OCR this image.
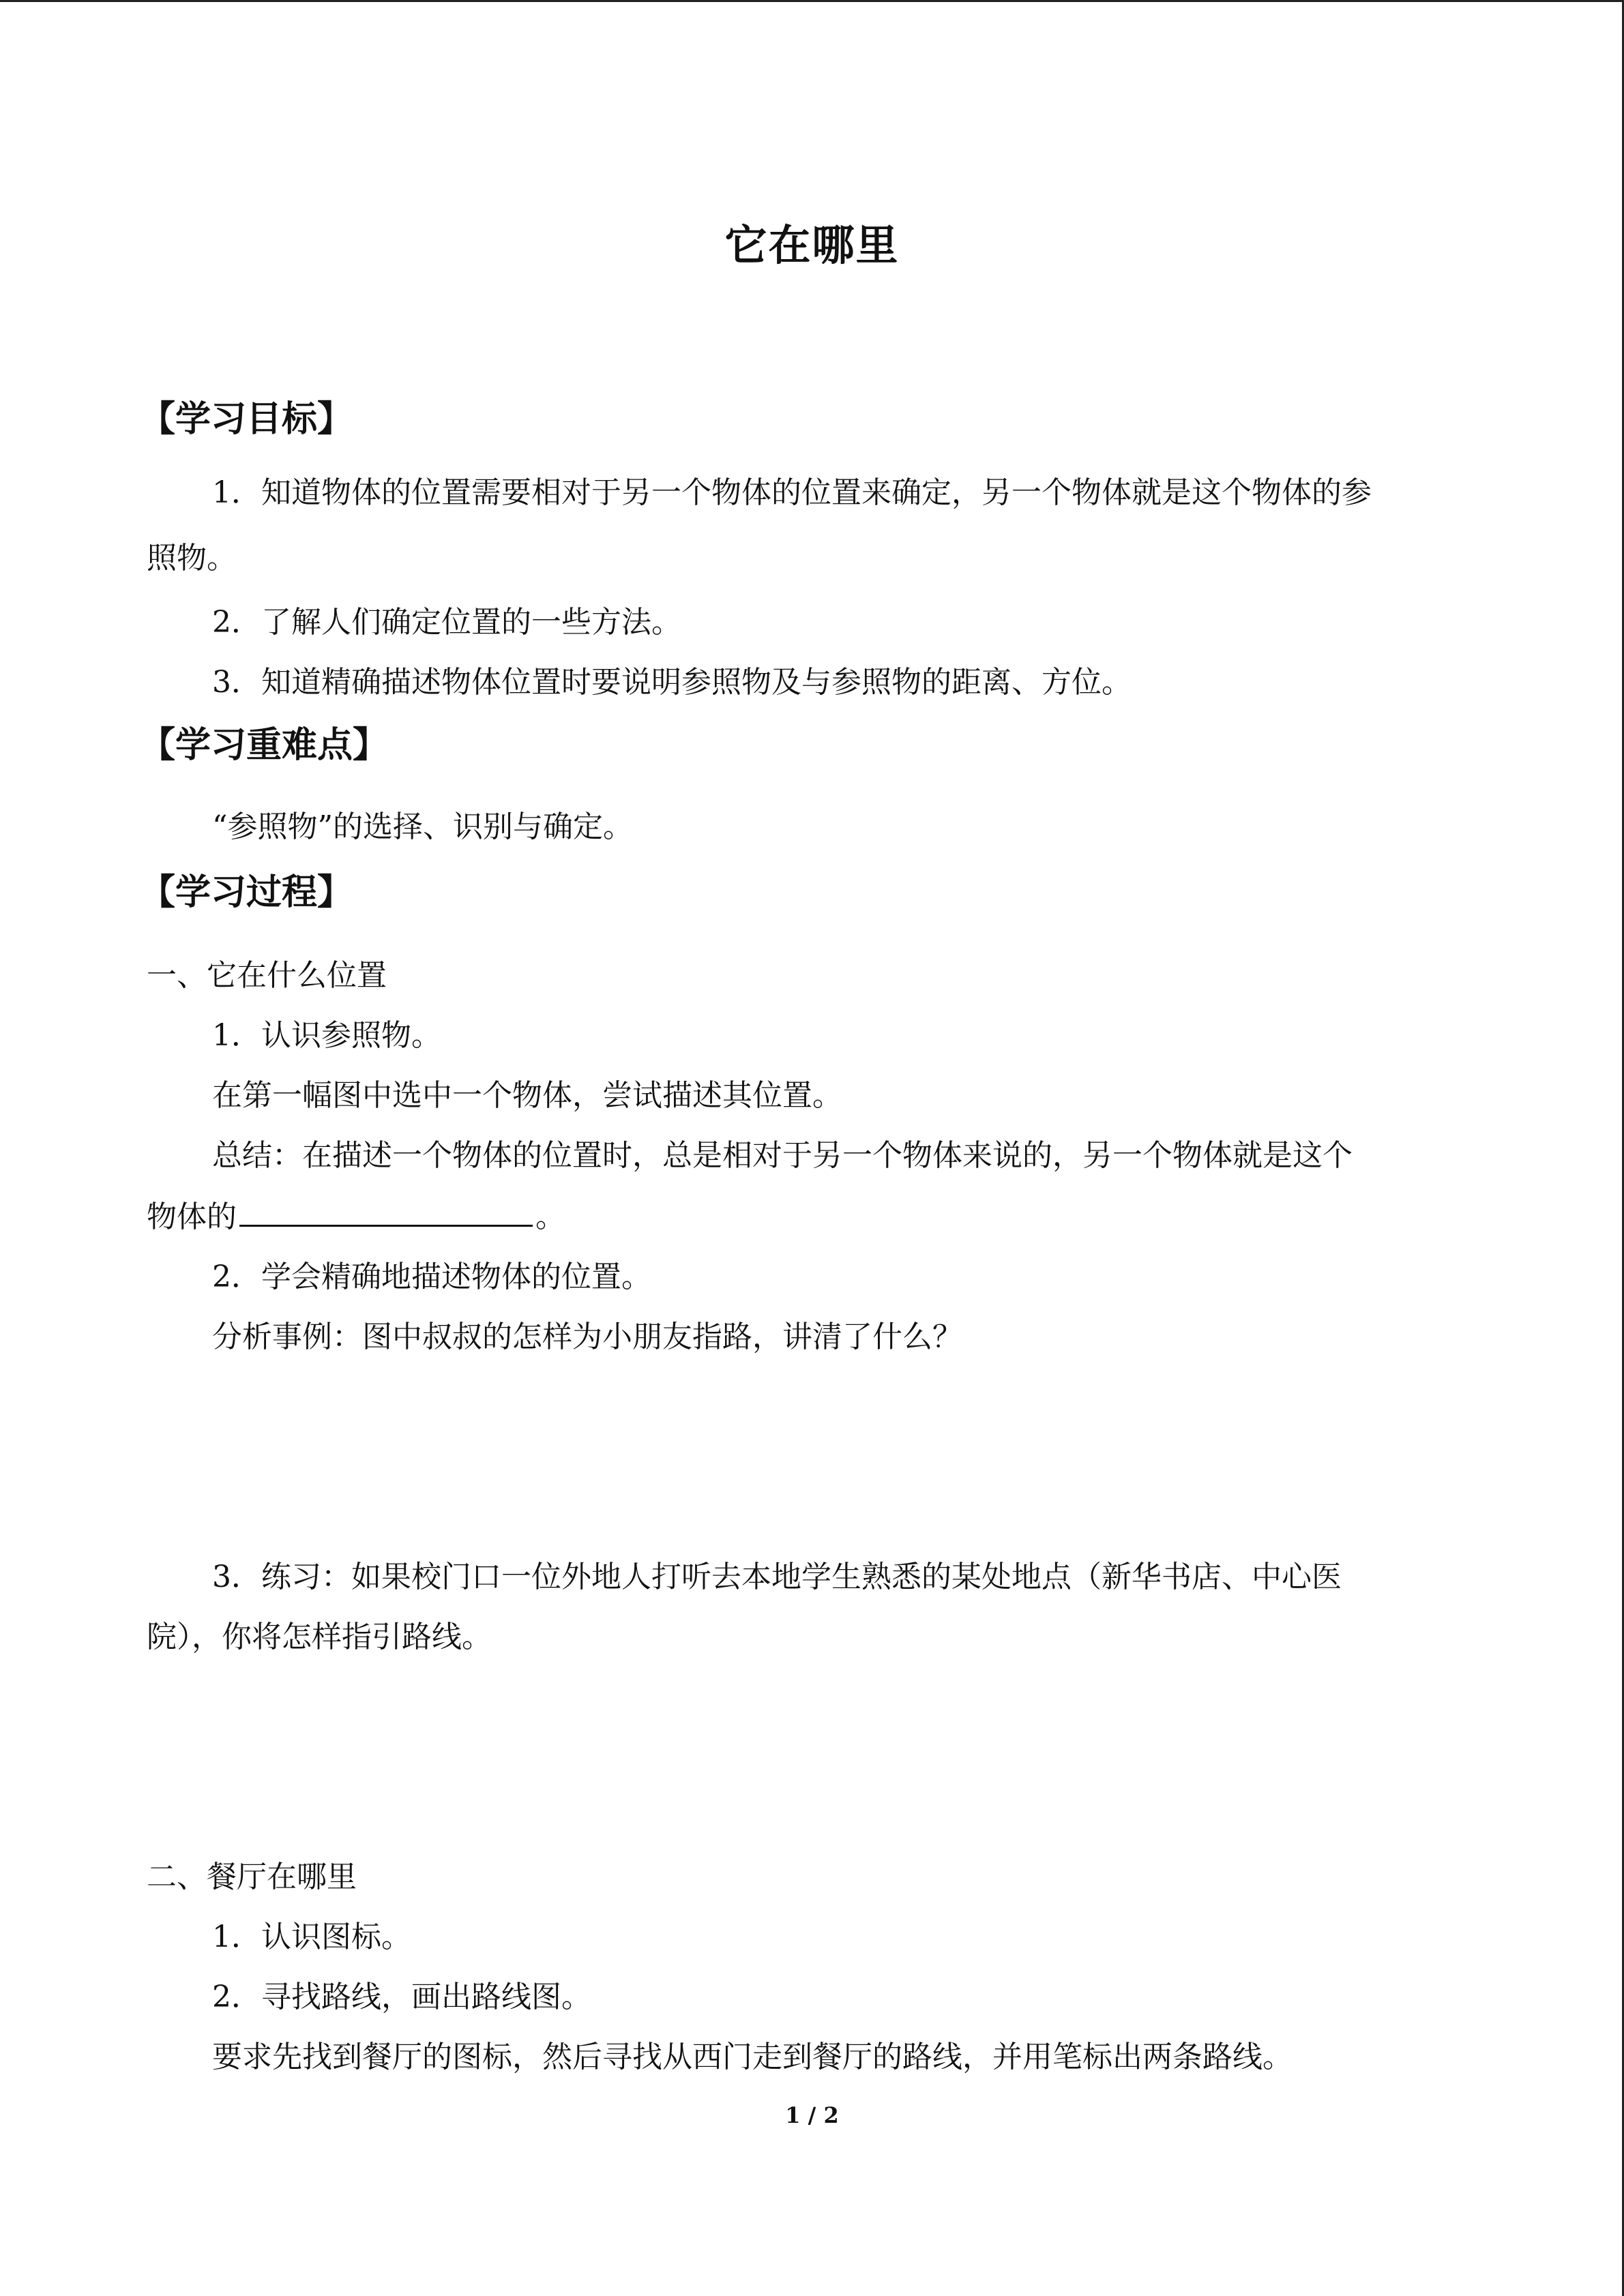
它在哪里
【学习目标】
1．知道物体的位置需要相对于另一个物体的位置来确定，另一个物体就是这个物体的参
照物。
2．了解人们确定位置的一些方法。
3．知道精确描述物体位置时要说明参照物及与参照物的距离、方位。
【学习重难点】
“参照物”的选择、识别与确定。
【学习过程】
一、它在什么位置
1．认识参照物。
在第一幅图中选中一个物体，尝试描述其位置。
总结：在描述一个物体的位置时，总是相对于另一个物体来说的，另一个物体就是这个
物体的	。
2．学会精确地描述物体的位置。
分析事例：图中叔叔的怎样为小朋友指路，讲清了什么？
3．练习：如果校门口一位外地人打听去本地学生熟悉的某处地点（新华书店、中心医
院），你将怎样指引路线。
二、餐厅在哪里
1．认识图标。
2．寻找路线，画出路线图。
要求先找到餐厅的图标，然后寻找从西门走到餐厅的路线，并用笔标出两条路线。
1 / 2
